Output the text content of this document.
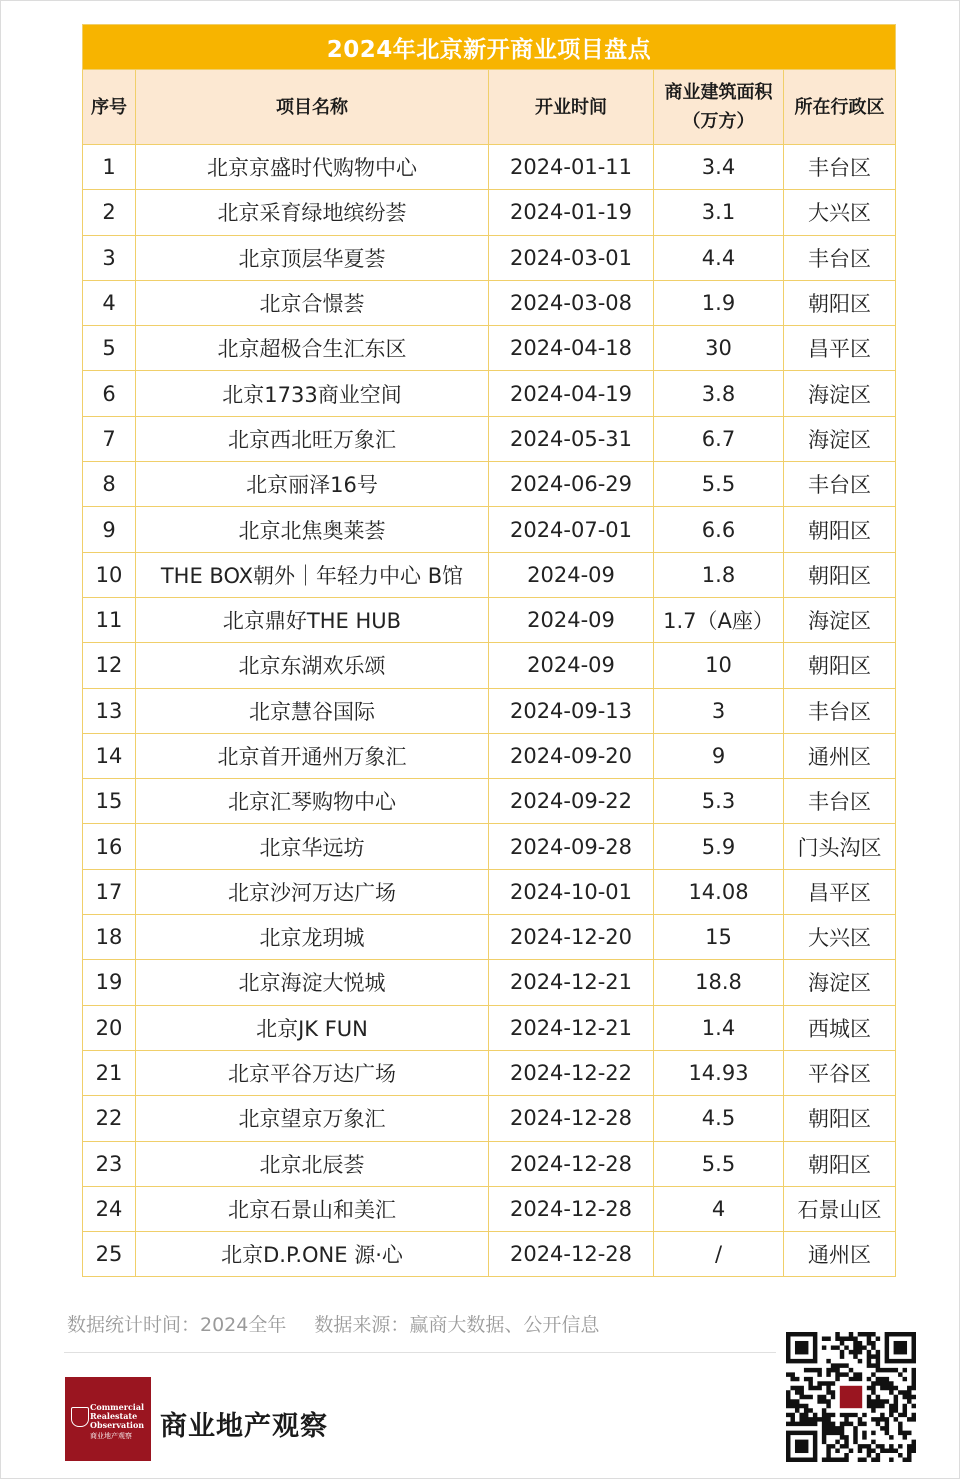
2024年北京新开商业项目盘点				
序号	项目名称	开业时间	商业建筑面积（万方）	所在行政区
1	北京京盛时代购物中心	2024-01-11	3.4	丰台区
2	北京采育绿地缤纷荟	2024-01-19	3.1	大兴区
3	北京顶层华夏荟	2024-03-01	4.4	丰台区
4	北京合憬荟	2024-03-08	1.9	朝阳区
5	北京超极合生汇东区	2024-04-18	30	昌平区
6	北京1733商业空间	2024-04-19	3.8	海淀区
7	北京西北旺万象汇	2024-05-31	6.7	海淀区
8	北京丽泽16号	2024-06-29	5.5	丰台区
9	北京北焦奥莱荟	2024-07-01	6.6	朝阳区
10	THE BOX朝外｜年轻力中心 B馆	2024-09	1.8	朝阳区
11	北京鼎好THE HUB	2024-09	1.7（A座）	海淀区
12	北京东湖欢乐颂	2024-09	10	朝阳区
13	北京慧谷国际	2024-09-13	3	丰台区
14	北京首开通州万象汇	2024-09-20	9	通州区
15	北京汇琴购物中心	2024-09-22	5.3	丰台区
16	北京华远坊	2024-09-28	5.9	门头沟区
17	北京沙河万达广场	2024-10-01	14.08	昌平区
18	北京龙玥城	2024-12-20	15	大兴区
19	北京海淀大悦城	2024-12-21	18.8	海淀区
20	北京JK FUN	2024-12-21	1.4	西城区
21	北京平谷万达广场	2024-12-22	14.93	平谷区
22	北京望京万象汇	2024-12-28	4.5	朝阳区
23	北京北辰荟	2024-12-28	5.5	朝阳区
24	北京石景山和美汇	2024-12-28	4	石景山区
25	北京D.P.ONE 源·心	2024-12-28	/	通州区
数据统计时间：2024全年 数据来源：赢商大数据、公开信息
Commercial
Realestate
Observation
商业地产观察 商业地产观察
